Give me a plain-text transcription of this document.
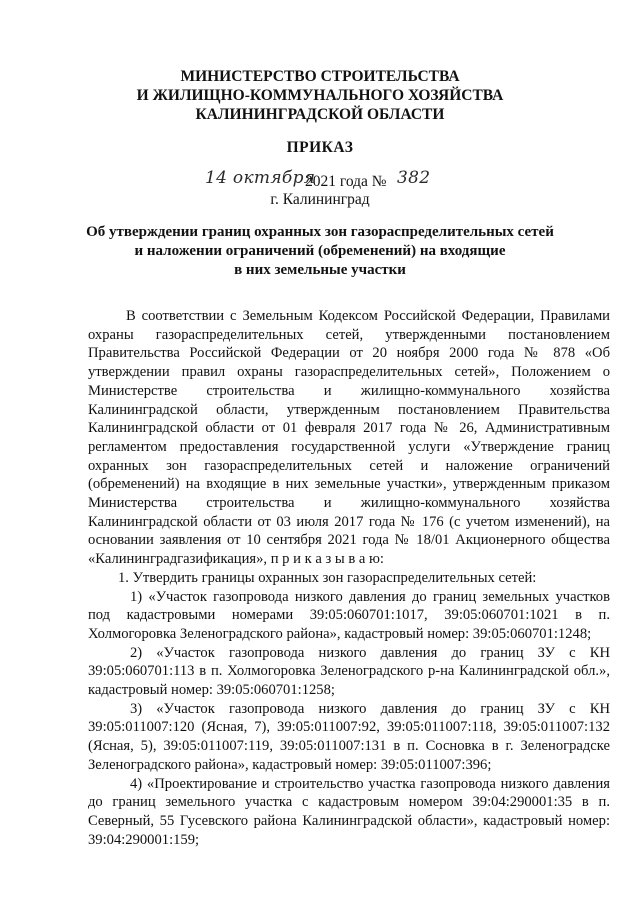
МИНИСТЕРСТВО СТРОИТЕЛЬСТВА
И ЖИЛИЩНО-КОММУНАЛЬНОГО ХОЗЯЙСТВА
КАЛИНИНГРАДСКОЙ ОБЛАСТИ
ПРИКАЗ
14 октября
2021 года № 382
г. Калининград
Об утверждении границ охранных зон газораспределительных сетей
и наложении ограничений (обременений) на входящие
в них земельные участки

В соответствии с Земельным Кодексом Российской Федерации, Правилами охраны газораспределительных сетей, утвержденными постановлением Правительства Российской Федерации от 20 ноября 2000 года № 878 «Об утверждении правил охраны газораспределительных сетей», Положением о Министерстве строительства и жилищно-коммунального хозяйства Калининградской области, утвержденным постановлением Правительства Калининградской области от 01 февраля 2017 года № 26, Административным регламентом предоставления государственной услуги «Утверждение границ охранных зон газораспределительных сетей и наложение ограничений (обременений) на входящие в них земельные участки», утвержденным приказом Министерства строительства и жилищно-коммунального хозяйства Калининградской области от 03 июля 2017 года № 176 (с учетом изменений), на основании заявления от 10 сентября 2021 года № 18/01 Акционерного общества «Калининградгазификация», п р и к а з ы в а ю:

1. Утвердить границы охранных зон газораспределительных сетей:

1) «Участок газопровода низкого давления до границ земельных участков под кадастровыми номерами 39:05:060701:1017, 39:05:060701:1021 в п. Холмогоровка Зеленоградского района», кадастровый номер: 39:05:060701:1248;

2) «Участок газопровода низкого давления до границ ЗУ с КН 39:05:060701:113 в п. Холмогоровка Зеленоградского р-на Калининградской обл.», кадастровый номер: 39:05:060701:1258;

3) «Участок газопровода низкого давления до границ ЗУ с КН 39:05:011007:120 (Ясная, 7), 39:05:011007:92, 39:05:011007:118, 39:05:011007:132 (Ясная, 5), 39:05:011007:119, 39:05:011007:131 в п. Сосновка в г. Зеленоградске Зеленоградского района», кадастровый номер: 39:05:011007:396;

4) «Проектирование и строительство участка газопровода низкого давления до границ земельного участка с кадастровым номером 39:04:290001:35 в п. Северный, 55 Гусевского района Калининградской области», кадастровый номер: 39:04:290001:159;
